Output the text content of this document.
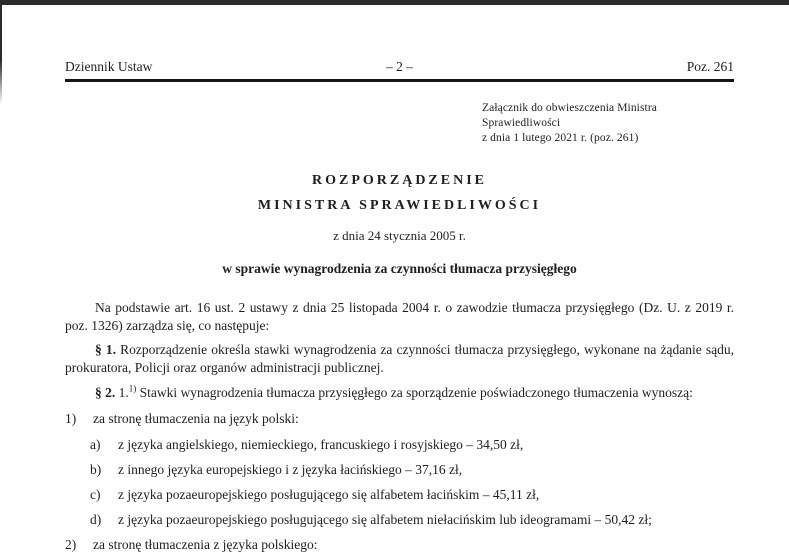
Dziennik Ustaw	– 2 –	Poz. 261
Załącznik do obwieszczenia Ministra Sprawiedliwości
z dnia 1 lutego 2021 r. (poz. 261)
ROZPORZĄDZENIE
MINISTRA SPRAWIEDLIWOŚCI
z dnia 24 stycznia 2005 r.
w sprawie wynagrodzenia za czynności tłumacza przysięgłego

Na podstawie art. 16 ust. 2 ustawy z dnia 25 listopada 2004 r. o zawodzie tłumacza przysięgłego (Dz. U. z 2019 r. poz. 1326) zarządza się, co następuje:

§ 1. Rozporządzenie określa stawki wynagrodzenia za czynności tłumacza przysięgłego, wykonane na żądanie sądu, prokuratora, Policji oraz organów administracji publicznej.

§ 2. 1.$^{1)}$ Stawki wynagrodzenia tłumacza przysięgłego za sporządzenie poświadczonego tłumaczenia wynoszą:

1) za stronę tłumaczenia na język polski:
a) z języka angielskiego, niemieckiego, francuskiego i rosyjskiego – 34,50 zł,
b) z innego języka europejskiego i z języka łacińskiego – 37,16 zł,
c) z języka pozaeuropejskiego posługującego się alfabetem łacińskim – 45,11 zł,
d) z języka pozaeuropejskiego posługującego się alfabetem niełacińskim lub ideogramami – 50,42 zł;
2) za stronę tłumaczenia z języka polskiego:
